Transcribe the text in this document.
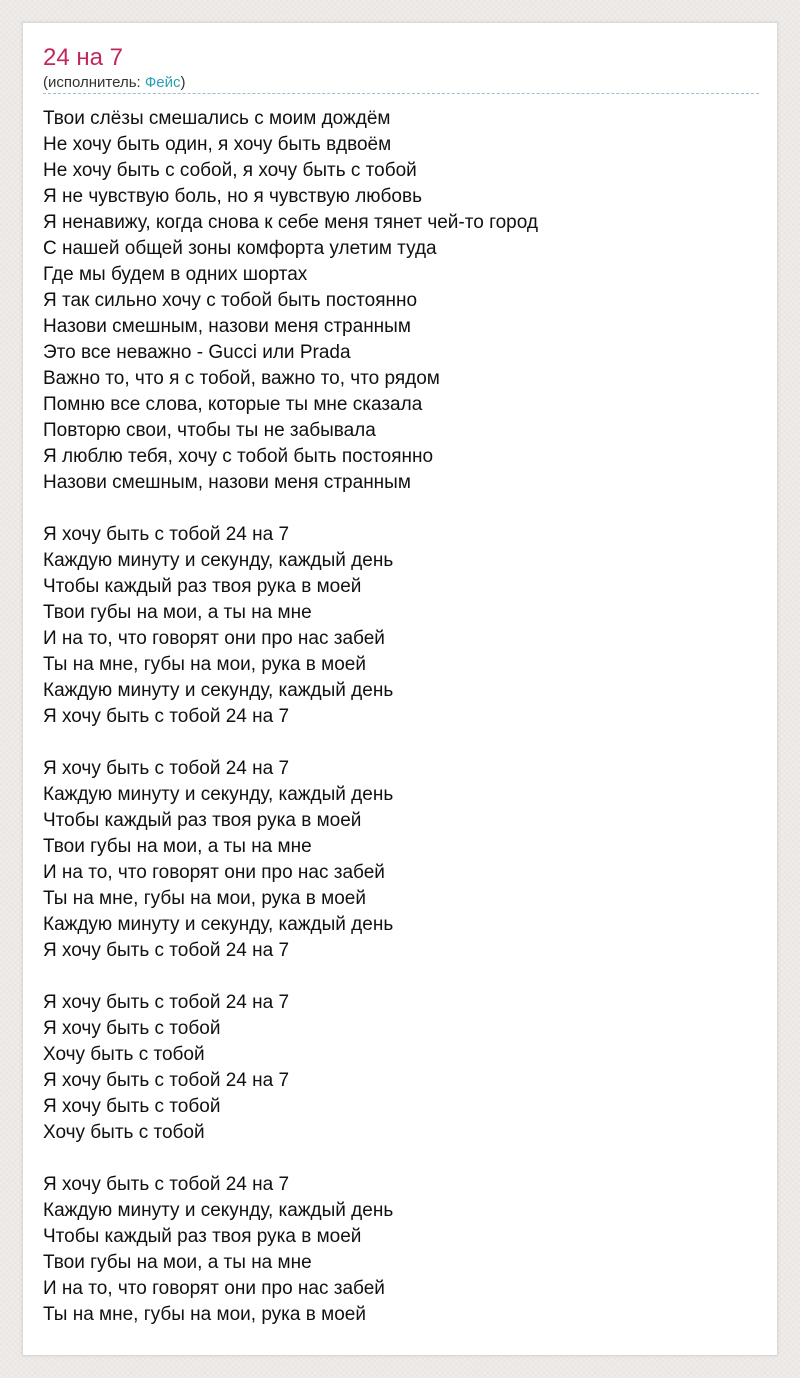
24 на 7
(исполнитель: Фейс)
Твои слёзы смешались с моим дождём
Не хочу быть один, я хочу быть вдвоём
Не хочу быть с собой, я хочу быть с тобой
Я не чувствую боль, но я чувствую любовь
Я ненавижу, когда снова к себе меня тянет чей-то город
С нашей общей зоны комфорта улетим туда
Где мы будем в одних шортах
Я так сильно хочу с тобой быть постоянно
Назови смешным, назови меня странным
Это все неважно - Gucci или Prada
Важно то, что я с тобой, важно то, что рядом
Помню все слова, которые ты мне сказала
Повторю свои, чтобы ты не забывала
Я люблю тебя, хочу с тобой быть постоянно
Назови смешным, назови меня странным
Я хочу быть с тобой 24 на 7
Каждую минуту и секунду, каждый день
Чтобы каждый раз твоя рука в моей
Твои губы на мои, а ты на мне
И на то, что говорят они про нас забей
Ты на мне, губы на мои, рука в моей
Каждую минуту и секунду, каждый день
Я хочу быть с тобой 24 на 7
Я хочу быть с тобой 24 на 7
Каждую минуту и секунду, каждый день
Чтобы каждый раз твоя рука в моей
Твои губы на мои, а ты на мне
И на то, что говорят они про нас забей
Ты на мне, губы на мои, рука в моей
Каждую минуту и секунду, каждый день
Я хочу быть с тобой 24 на 7
Я хочу быть с тобой 24 на 7
Я хочу быть с тобой
Хочу быть с тобой
Я хочу быть с тобой 24 на 7
Я хочу быть с тобой
Хочу быть с тобой
Я хочу быть с тобой 24 на 7
Каждую минуту и секунду, каждый день
Чтобы каждый раз твоя рука в моей
Твои губы на мои, а ты на мне
И на то, что говорят они про нас забей
Ты на мне, губы на мои, рука в моей
